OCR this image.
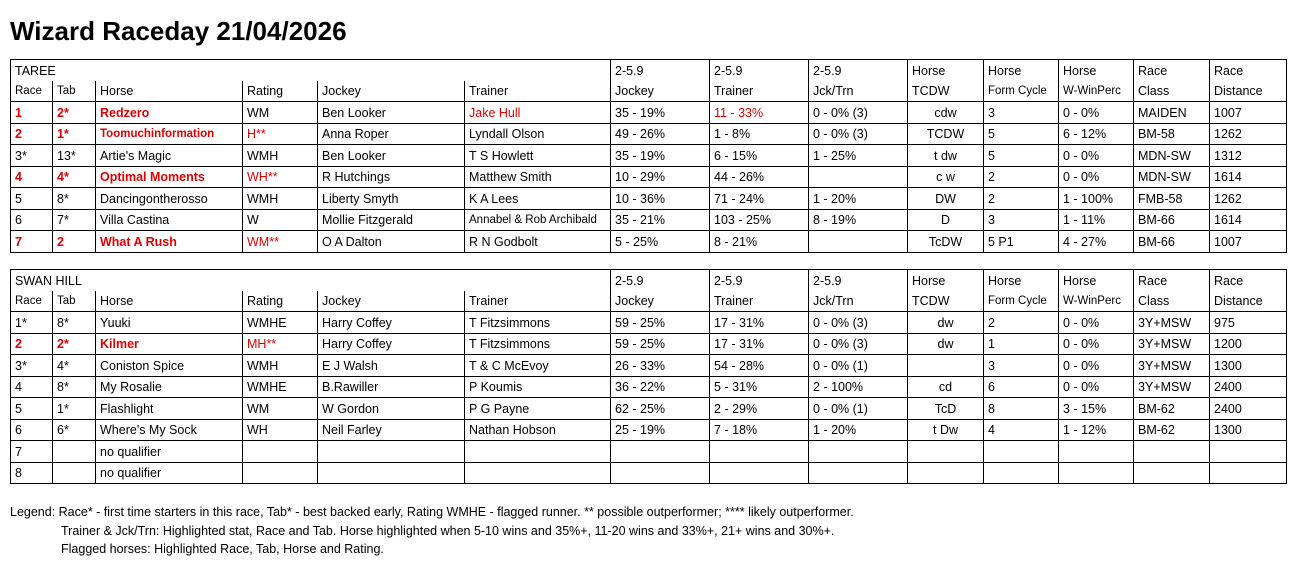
Wizard Raceday 21/04/2026
TAREE						2-5.9	2-5.9	2-5.9	Horse	Horse	Horse	Race	Race
Race	Tab	Horse	Rating	Jockey	Trainer	Jockey	Trainer	Jck/Trn	TCDW	Form Cycle	W-WinPerc	Class	Distance
1	2*	Redzero	WM	Ben Looker	Jake Hull	35 - 19%	11 - 33%	0 - 0% (3)	cdw	3	0 - 0%	MAIDEN	1007
2	1*	Toomuchinformation	H**	Anna Roper	Lyndall Olson	49 - 26%	1 - 8%	0 - 0% (3)	TCDW	5	6 - 12%	BM-58	1262
3*	13*	Artie's Magic	WMH	Ben Looker	T S Howlett	35 - 19%	6 - 15%	1 - 25%	t dw	5	0 - 0%	MDN-SW	1312
4	4*	Optimal Moments	WH**	R Hutchings	Matthew Smith	10 - 29%	44 - 26%		c w	2	0 - 0%	MDN-SW	1614
5	8*	Dancingontherosso	WMH	Liberty Smyth	K A Lees	10 - 36%	71 - 24%	1 - 20%	DW	2	1 - 100%	FMB-58	1262
6	7*	Villa Castina	W	Mollie Fitzgerald	Annabel & Rob Archibald	35 - 21%	103 - 25%	8 - 19%	D	3	1 - 11%	BM-66	1614
7	2	What A Rush	WM**	O A Dalton	R N Godbolt	5 - 25%	8 - 21%		TcDW	5 P1	4 - 27%	BM-66	1007
SWAN HILL						2-5.9	2-5.9	2-5.9	Horse	Horse	Horse	Race	Race
Race	Tab	Horse	Rating	Jockey	Trainer	Jockey	Trainer	Jck/Trn	TCDW	Form Cycle	W-WinPerc	Class	Distance
1*	8*	Yuuki	WMHE	Harry Coffey	T Fitzsimmons	59 - 25%	17 - 31%	0 - 0% (3)	dw	2	0 - 0%	3Y+MSW	975
2	2*	Kilmer	MH**	Harry Coffey	T Fitzsimmons	59 - 25%	17 - 31%	0 - 0% (3)	dw	1	0 - 0%	3Y+MSW	1200
3*	4*	Coniston Spice	WMH	E J Walsh	T & C McEvoy	26 - 33%	54 - 28%	0 - 0% (1)		3	0 - 0%	3Y+MSW	1300
4	8*	My Rosalie	WMHE	B.Rawiller	P Koumis	36 - 22%	5 - 31%	2 - 100%	cd	6	0 - 0%	3Y+MSW	2400
5	1*	Flashlight	WM	W Gordon	P G Payne	62 - 25%	2 - 29%	0 - 0% (1)	TcD	8	3 - 15%	BM-62	2400
6	6*	Where's My Sock	WH	Neil Farley	Nathan Hobson	25 - 19%	7 - 18%	1 - 20%	t Dw	4	1 - 12%	BM-62	1300
7		no qualifier											
8		no qualifier											
Legend: Race* - first time starters in this race, Tab* - best backed early, Rating WMHE - flagged runner. ** possible outperformer; **** likely outperformer.
Trainer & Jck/Trn: Highlighted stat, Race and Tab. Horse highlighted when 5-10 wins and 35%+, 11-20 wins and 33%+, 21+ wins and 30%+.
Flagged horses: Highlighted Race, Tab, Horse and Rating.
